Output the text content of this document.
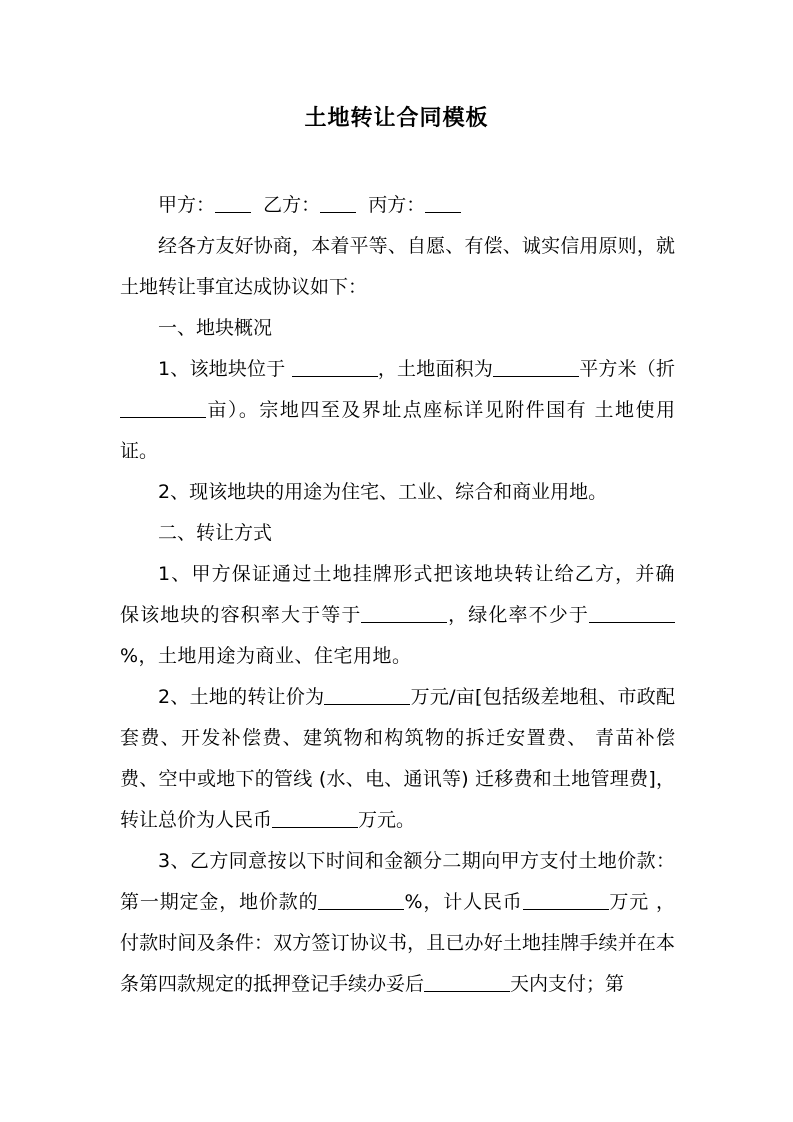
土地转让合同模板

甲方：	乙方：	丙方：

经各方友好协商，本着平等、自愿、有偿、诚实信用原则，就土地转让事宜达成协议如下：

一、地块概况

1、该地块位于	，土地面积为	平方米（折亩）。宗地四至及界址点座标详见附件国有 土地使用证。

2、现该地块的用途为住宅、工业、综合和商业用地。

二、转让方式

1、甲方保证通过土地挂牌形式把该地块转让给乙方，并确保该地块的容积率大于等于	，绿化率不少于%，土地用途为商业、住宅用地。

2、土地的转让价为	万元/亩[包括级差地租、市政配套费、开发补偿费、建筑物和构筑物的拆迁安置费、 青苗补偿费、空中或地下的管线 (水、电、通讯等) 迁移费和土地管理费]，转让总价为人民币	万元。

3、乙方同意按以下时间和金额分二期向甲方支付土地价款：第一期定金，地价款的	%，计人民币	万元 ，付款时间及条件：双方签订协议书，且已办好土地挂牌手续并在本条第四款规定的抵押登记手续办妥后	天内支付；第
